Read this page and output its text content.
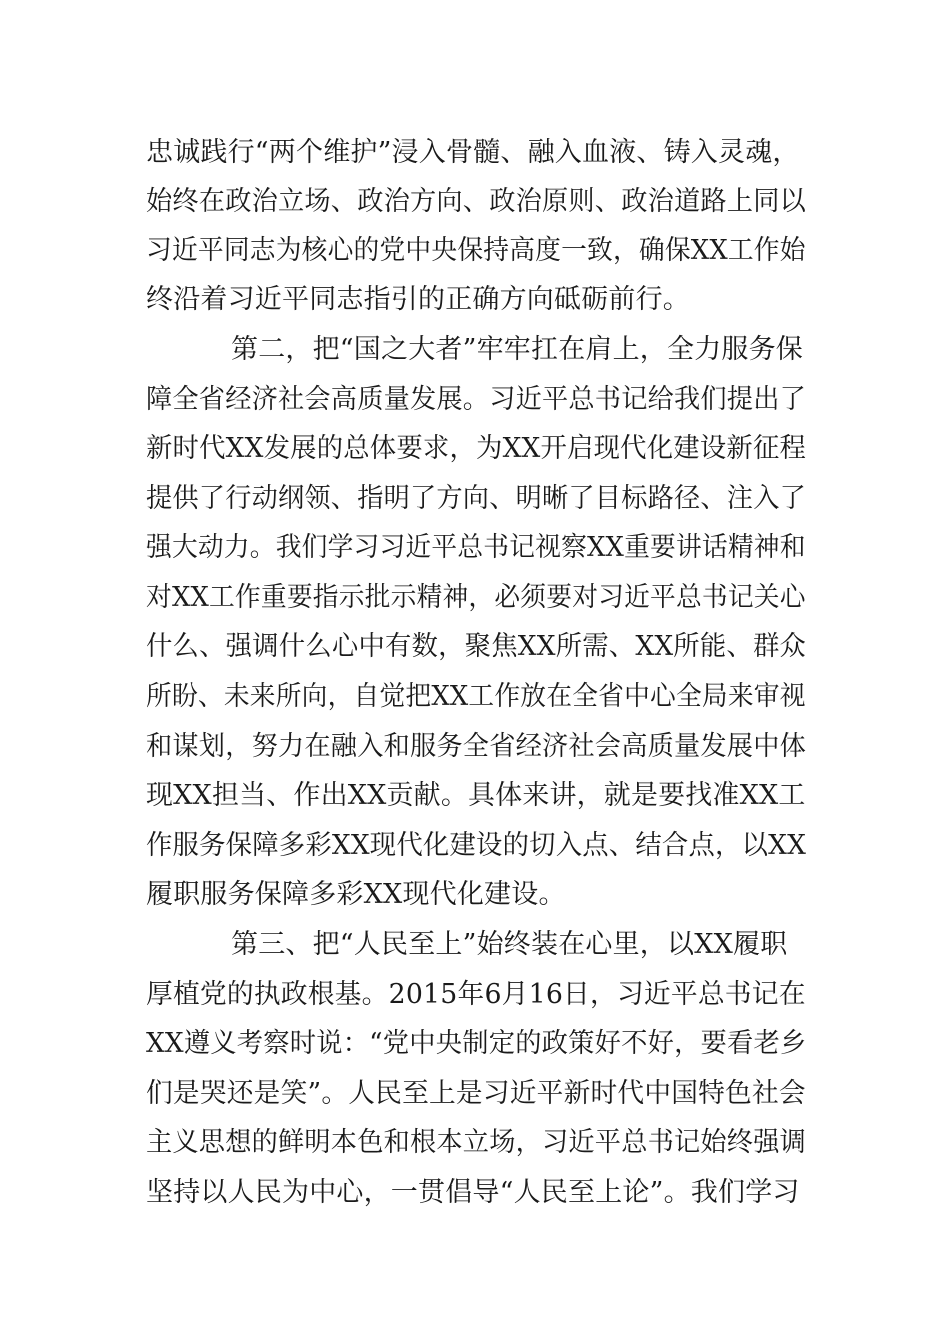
忠诚践行“两个维护”浸入骨髓、融入血液、铸入灵魂，
始终在政治立场、政治方向、政治原则、政治道路上同以
习近平同志为核心的党中央保持高度一致，确保XX工作始
终沿着习近平同志指引的正确方向砥砺前行。
第二，把“国之大者”牢牢扛在肩上，全力服务保
障全省经济社会高质量发展。习近平总书记给我们提出了
新时代XX发展的总体要求，为XX开启现代化建设新征程
提供了行动纲领、指明了方向、明晰了目标路径、注入了
强大动力。我们学习习近平总书记视察XX重要讲话精神和
对XX工作重要指示批示精神，必须要对习近平总书记关心
什么、强调什么心中有数，聚焦XX所需、XX所能、群众
所盼、未来所向，自觉把XX工作放在全省中心全局来审视
和谋划，努力在融入和服务全省经济社会高质量发展中体
现XX担当、作出XX贡献。具体来讲，就是要找准XX工
作服务保障多彩XX现代化建设的切入点、结合点，以XX
履职服务保障多彩XX现代化建设。
第三、把“人民至上”始终装在心里，以XX履职
厚植党的执政根基。2015年6月16日，习近平总书记在
XX遵义考察时说：“党中央制定的政策好不好，要看老乡
们是哭还是笑”。人民至上是习近平新时代中国特色社会
主义思想的鲜明本色和根本立场，习近平总书记始终强调
坚持以人民为中心，一贯倡导“人民至上论”。我们学习
